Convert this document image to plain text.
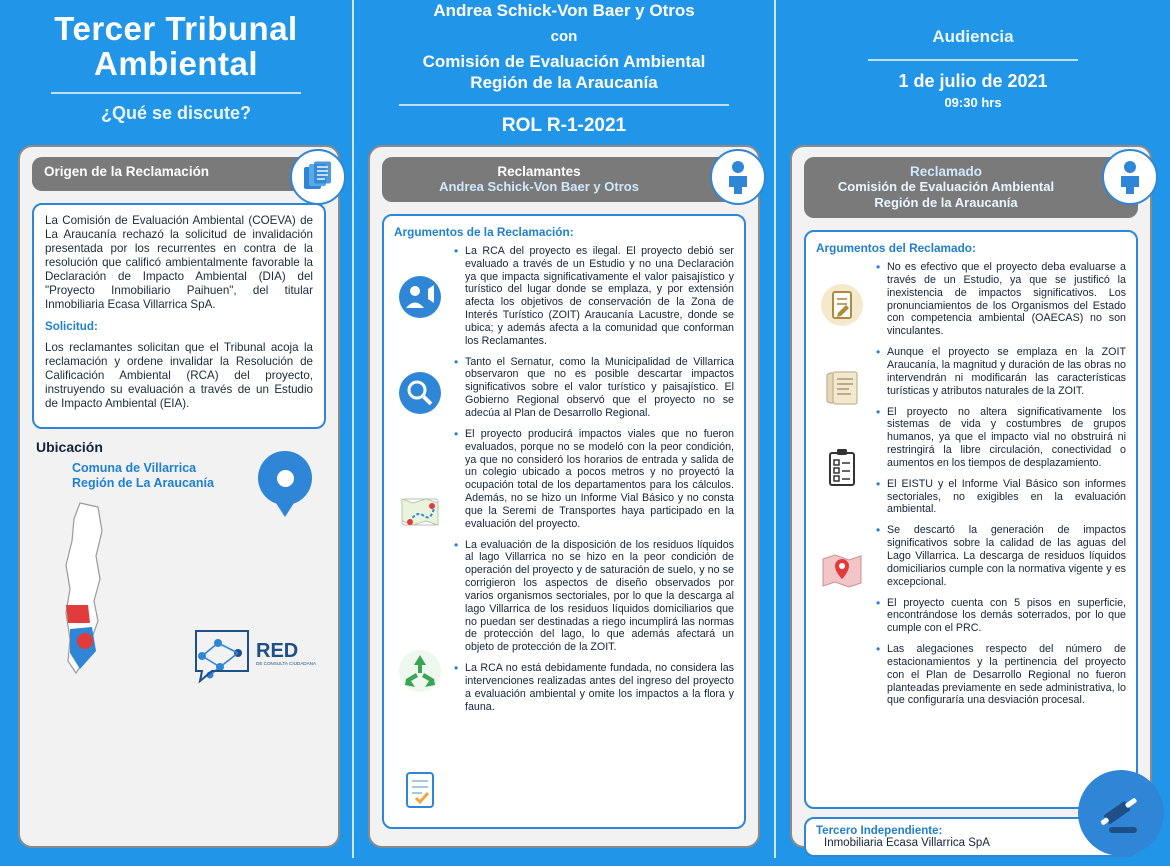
Tercer Tribunal
Ambiental
¿Qué se discute?
Andrea Schick-Von Baer y Otros
con
Comisión de Evaluación Ambiental
Región de la Araucanía
ROL R-1-2021
Audiencia
1 de julio de 2021
09:30 hrs
Origen de la Reclamación

La Comisión de Evaluación Ambiental (COEVA) de La Araucanía rechazó la solicitud de invalidación presentada por los recurrentes en contra de la resolución que calificó ambientalmente favorable la Declaración de Impacto Ambiental (DIA) del "Proyecto Inmobiliario Paihuen", del titular Inmobiliaria Ecasa Villarrica SpA.

Solicitud:

Los reclamantes solicitan que el Tribunal acoja la reclamación y ordene invalidar la Resolución de Calificación Ambiental (RCA) del proyecto, instruyendo su evaluación a través de un Estudio de Impacto Ambiental (EIA).

Ubicación
Comuna de Villarrica
Región de La Araucanía
RED
DE CONSULTA CIUDADANA
Reclamantes
Andrea Schick-Von Baer y Otros
Argumentos de la Reclamación:
• La RCA del proyecto es ilegal. El proyecto debió ser evaluado a través de un Estudio y no una Declaración ya que impacta significativamente el valor paisajístico y turístico del lugar donde se emplaza, y por extensión afecta los objetivos de conservación de la Zona de Interés Turístico (ZOIT) Araucanía Lacustre, donde se ubica; y además afecta a la comunidad que conforman los Reclamantes.
• Tanto el Sernatur, como la Municipalidad de Villarrica observaron que no es posible descartar impactos significativos sobre el valor turístico y paisajístico. El Gobierno Regional observó que el proyecto no se adecúa al Plan de Desarrollo Regional.
• El proyecto producirá impactos viales que no fueron evaluados, porque no se modeló con la peor condición, ya que no consideró los horarios de entrada y salida de un colegio ubicado a pocos metros y no proyectó la ocupación total de los departamentos para los cálculos. Además, no se hizo un Informe Vial Básico y no consta que la Seremi de Transportes haya participado en la evaluación del proyecto.
• La evaluación de la disposición de los residuos líquidos al lago Villarrica no se hizo en la peor condición de operación del proyecto y de saturación de suelo, y no se corrigieron los aspectos de diseño observados por varios organismos sectoriales, por lo que la descarga al lago Villarrica de los residuos líquidos domiciliarios que no puedan ser destinadas a riego incumplirá las normas de protección del lago, lo que además afectará un objeto de protección de la ZOIT.
• La RCA no está debidamente fundada, no considera las intervenciones realizadas antes del ingreso del proyecto a evaluación ambiental y omite los impactos a la flora y fauna.
Reclamado
Comisión de Evaluación Ambiental
Región de la Araucanía
Argumentos del Reclamado:
• No es efectivo que el proyecto deba evaluarse a través de un Estudio, ya que se justificó la inexistencia de impactos significativos. Los pronunciamientos de los Organismos del Estado con competencia ambiental (OAECAS) no son vinculantes.
• Aunque el proyecto se emplaza en la ZOIT Araucanía, la magnitud y duración de las obras no intervendrán ni modificarán las características turísticas y atributos naturales de la ZOIT.
• El proyecto no altera significativamente los sistemas de vida y costumbres de grupos humanos, ya que el impacto vial no obstruirá ni restringirá la libre circulación, conectividad o aumentos en los tiempos de desplazamiento.
• El EISTU y el Informe Vial Básico son informes sectoriales, no exigibles en la evaluación ambiental.
• Se descartó la generación de impactos significativos sobre la calidad de las aguas del Lago Villarrica. La descarga de residuos líquidos domiciliarios cumple con la normativa vigente y es excepcional.
• El proyecto cuenta con 5 pisos en superficie, encontrándose los demás soterrados, por lo que cumple con el PRC.
• Las alegaciones respecto del número de estacionamientos y la pertinencia del proyecto con el Plan de Desarrollo Regional no fueron planteadas previamente en sede administrativa, lo que configuraría una desviación procesal.
Tercero Independiente:
Inmobiliaria Ecasa Villarrica SpA
